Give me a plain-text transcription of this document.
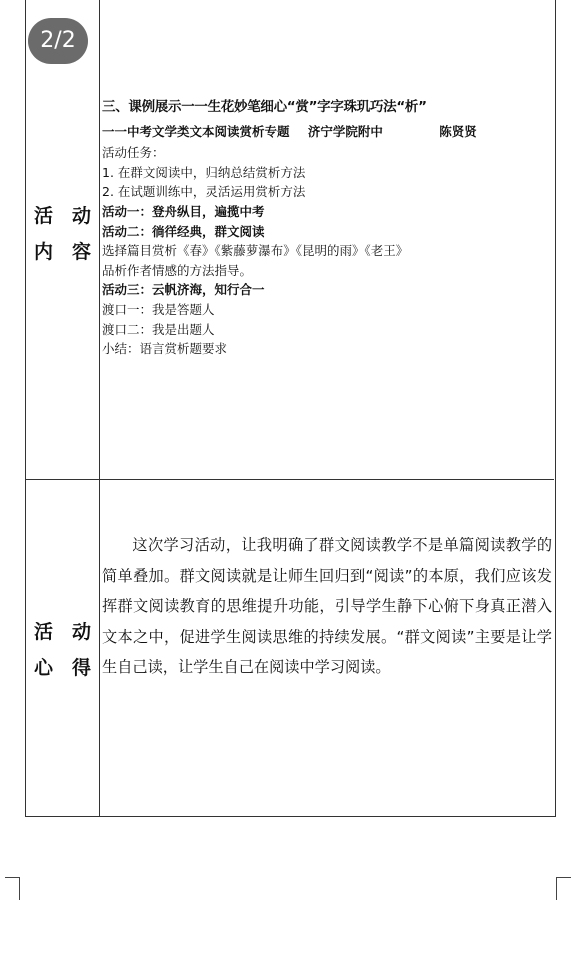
2/2
活 动
内 容
三、课例展示一一生花妙笔细心“赏”字字珠玑巧法“析”
一一中考文学类文本阅读赏析专题 济宁学院附中	陈贤贤
活动任务：
1. 在群文阅读中，归纳总结赏析方法
2. 在试题训练中，灵活运用赏析方法
活动一：登舟纵目，遍揽中考
活动二：徜徉经典，群文阅读
选择篇目赏析《春》《紫藤萝瀑布》《昆明的雨》《老王》
品析作者情感的方法指导。
活动三：云帆济海，知行合一
渡口一：我是答题人
渡口二：我是出题人
小结：语言赏析题要求
活 动
心 得

这次学习活动，让我明确了群文阅读教学不是单篇阅读教学的简单叠加。群文阅读就是让师生回归到“阅读”的本原，我们应该发挥群文阅读教育的思维提升功能，引导学生静下心俯下身真正潜入文本之中，促进学生阅读思维的持续发展。“群文阅读”主要是让学生自己读，让学生自己在阅读中学习阅读。
